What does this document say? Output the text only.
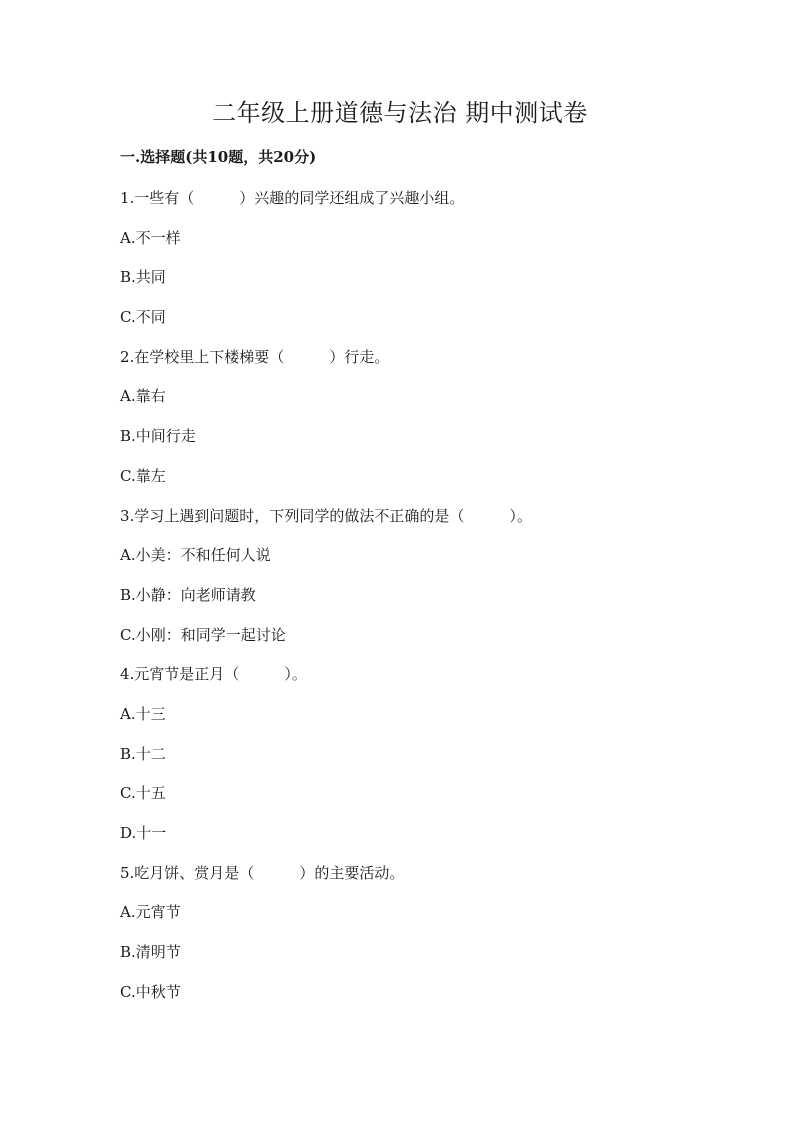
二年级上册道德与法治 期中测试卷
一.选择题(共10题，共20分)
1.一些有（　　　）兴趣的同学还组成了兴趣小组。
A.不一样
B.共同
C.不同
2.在学校里上下楼梯要（　　　）行走。
A.靠右
B.中间行走
C.靠左
3.学习上遇到问题时，下列同学的做法不正确的是（　　　）。
A.小美：不和任何人说
B.小静：向老师请教
C.小刚：和同学一起讨论
4.元宵节是正月（　　　）。
A.十三
B.十二
C.十五
D.十一
5.吃月饼、赏月是（　　　）的主要活动。
A.元宵节
B.清明节
C.中秋节
